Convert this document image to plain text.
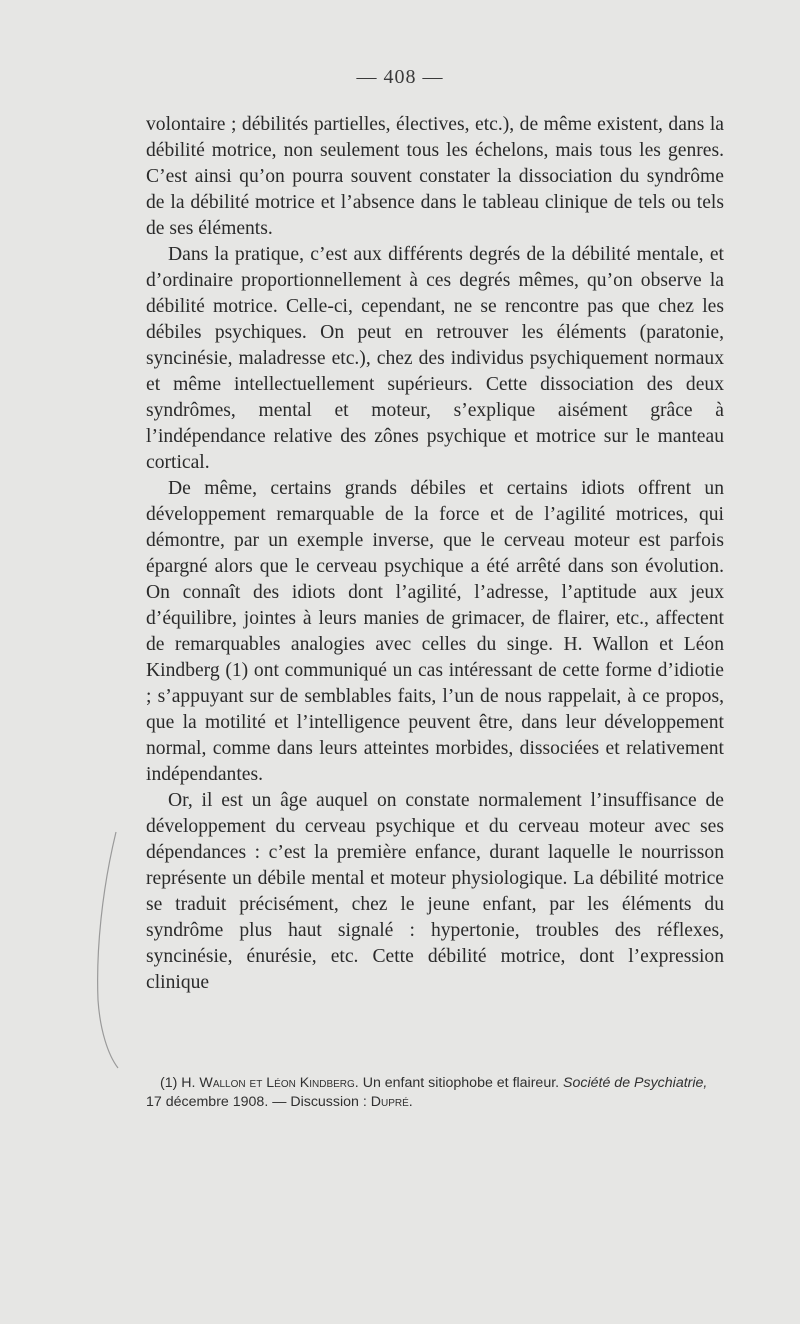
— 408 —

volontaire ; débilités partielles, électives, etc.), de même existent, dans la débilité motrice, non seulement tous les échelons, mais tous les genres. C’est ainsi qu’on pourra souvent constater la dissociation du syndrôme de la débilité motrice et l’absence dans le tableau clinique de tels ou tels de ses éléments.

Dans la pratique, c’est aux différents degrés de la débilité mentale, et d’ordinaire proportionnellement à ces degrés mêmes, qu’on observe la débilité motrice. Celle-ci, cependant, ne se rencontre pas que chez les débiles psychiques. On peut en retrouver les éléments (paratonie, syncinésie, maladresse etc.), chez des individus psychiquement normaux et même intellectuellement supérieurs. Cette dissociation des deux syndrômes, mental et moteur, s’explique aisément grâce à l’indépendance relative des zônes psychique et motrice sur le manteau cortical.

De même, certains grands débiles et certains idiots offrent un développement remarquable de la force et de l’agilité motrices, qui démontre, par un exemple inverse, que le cerveau moteur est parfois épargné alors que le cerveau psychique a été arrêté dans son évolution. On connaît des idiots dont l’agilité, l’adresse, l’aptitude aux jeux d’équilibre, jointes à leurs manies de grimacer, de flairer, etc., affectent de remarquables analogies avec celles du singe. H. Wallon et Léon Kindberg (1) ont communiqué un cas intéressant de cette forme d’idiotie ; s’appuyant sur de semblables faits, l’un de nous rappelait, à ce propos, que la motilité et l’intelligence peuvent être, dans leur développement normal, comme dans leurs atteintes morbides, dissociées et relativement indépendantes.

Or, il est un âge auquel on constate normalement l’insuffisance de développement du cerveau psychique et du cerveau moteur avec ses dépendances : c’est la première enfance, durant laquelle le nourrisson représente un débile mental et moteur physiologique. La débilité motrice se traduit précisément, chez le jeune enfant, par les éléments du syndrôme plus haut signalé : hypertonie, troubles des réflexes, syncinésie, énurésie, etc. Cette débilité motrice, dont l’expression clinique

(1) H. Wallon et Léon Kindberg. Un enfant sitiophobe et flaireur. Société de Psychiatrie, 17 décembre 1908. — Discussion : Dupré.
